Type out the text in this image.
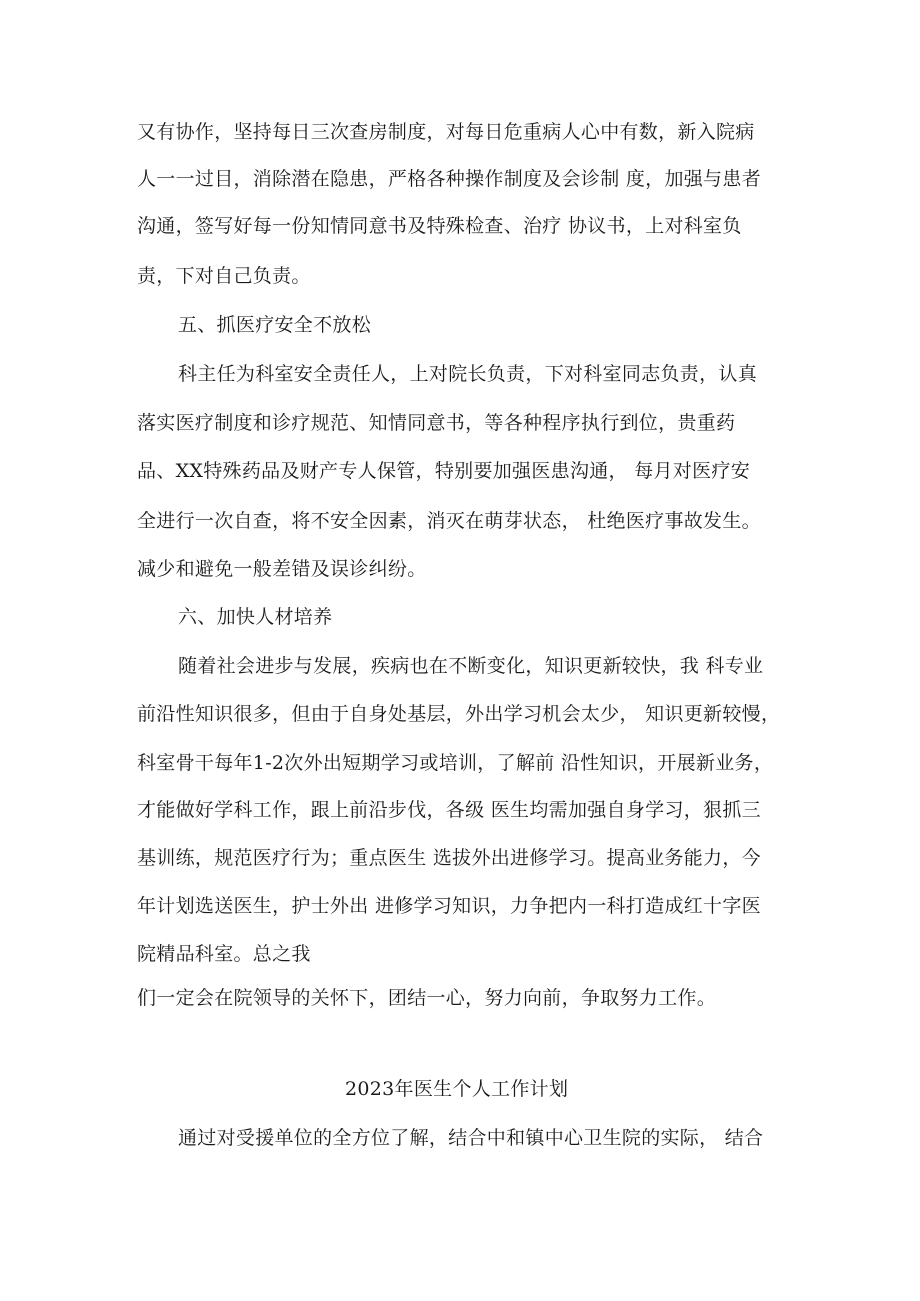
又有协作，坚持每日三次查房制度，对每日危重病人心中有数，新入院病
人一一过目，消除潜在隐患，严格各种操作制度及会诊制 度，加强与患者
沟通，签写好每一份知情同意书及特殊检查、治疗 协议书，上对科室负
责，下对自己负责。
五、抓医疗安全不放松
科主任为科室安全责任人，上对院长负责，下对科室同志负责，认真
落实医疗制度和诊疗规范、知情同意书，等各种程序执行到位，贵重药
品、XX特殊药品及财产专人保管，特别要加强医患沟通， 每月对医疗安
全进行一次自查，将不安全因素，消灭在萌芽状态， 杜绝医疗事故发生。
减少和避免一般差错及误诊纠纷。
六、加快人材培养
随着社会进步与发展，疾病也在不断变化，知识更新较快，我 科专业
前沿性知识很多，但由于自身处基层，外出学习机会太少， 知识更新较慢，
科室骨干每年1-2次外出短期学习或培训，了解前 沿性知识，开展新业务，
才能做好学科工作，跟上前沿步伐，各级 医生均需加强自身学习，狠抓三
基训练，规范医疗行为；重点医生 选拔外出进修学习。提高业务能力，今
年计划选送医生，护士外出 进修学习知识，力争把内一科打造成红十字医
院精品科室。总之我
们一定会在院领导的关怀下，团结一心，努力向前，争取努力工作。
2023年医生个人工作计划
通过对受援单位的全方位了解，结合中和镇中心卫生院的实际， 结合
